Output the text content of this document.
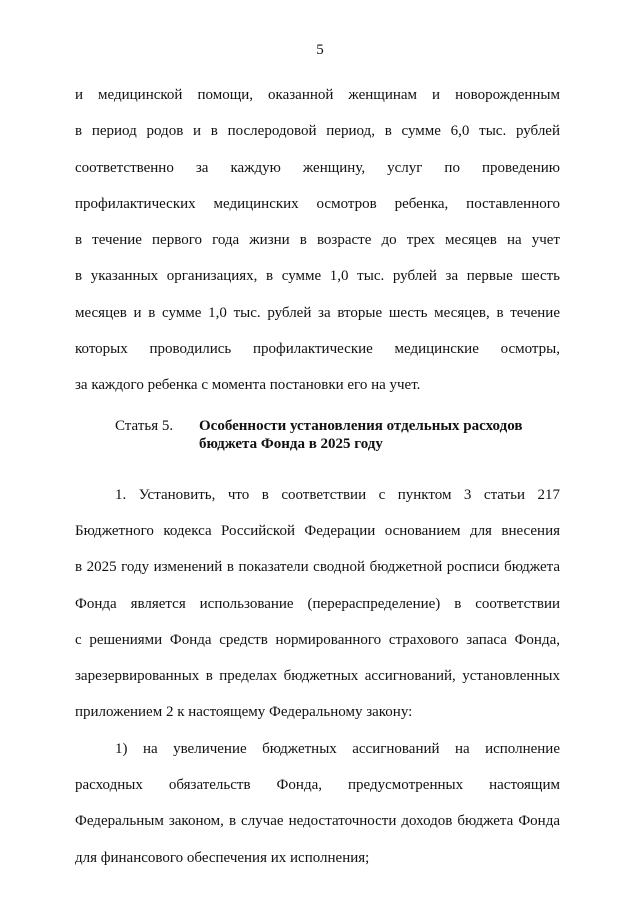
5
и медицинской помощи, оказанной женщинам и новорожденным
в период родов и в послеродовой период, в сумме 6,0 тыс. рублей
соответственно за каждую женщину, услуг по проведению
профилактических медицинских осмотров ребенка, поставленного
в течение первого года жизни в возрасте до трех месяцев на учет
в указанных организациях, в сумме 1,0 тыс. рублей за первые шесть
месяцев и в сумме 1,0 тыс. рублей за вторые шесть месяцев, в течение
которых проводились профилактические медицинские осмотры,
за каждого ребенка с момента постановки его на учет.
Статья 5. Особенности установления отдельных расходов
бюджета Фонда в 2025 году
1. Установить, что в соответствии с пунктом 3 статьи 217
Бюджетного кодекса Российской Федерации основанием для внесения
в 2025 году изменений в показатели сводной бюджетной росписи бюджета
Фонда является использование (перераспределение) в соответствии
с решениями Фонда средств нормированного страхового запаса Фонда,
зарезервированных в пределах бюджетных ассигнований, установленных
приложением 2 к настоящему Федеральному закону:
1) на увеличение бюджетных ассигнований на исполнение
расходных обязательств Фонда, предусмотренных настоящим
Федеральным законом, в случае недостаточности доходов бюджета Фонда
для финансового обеспечения их исполнения;
